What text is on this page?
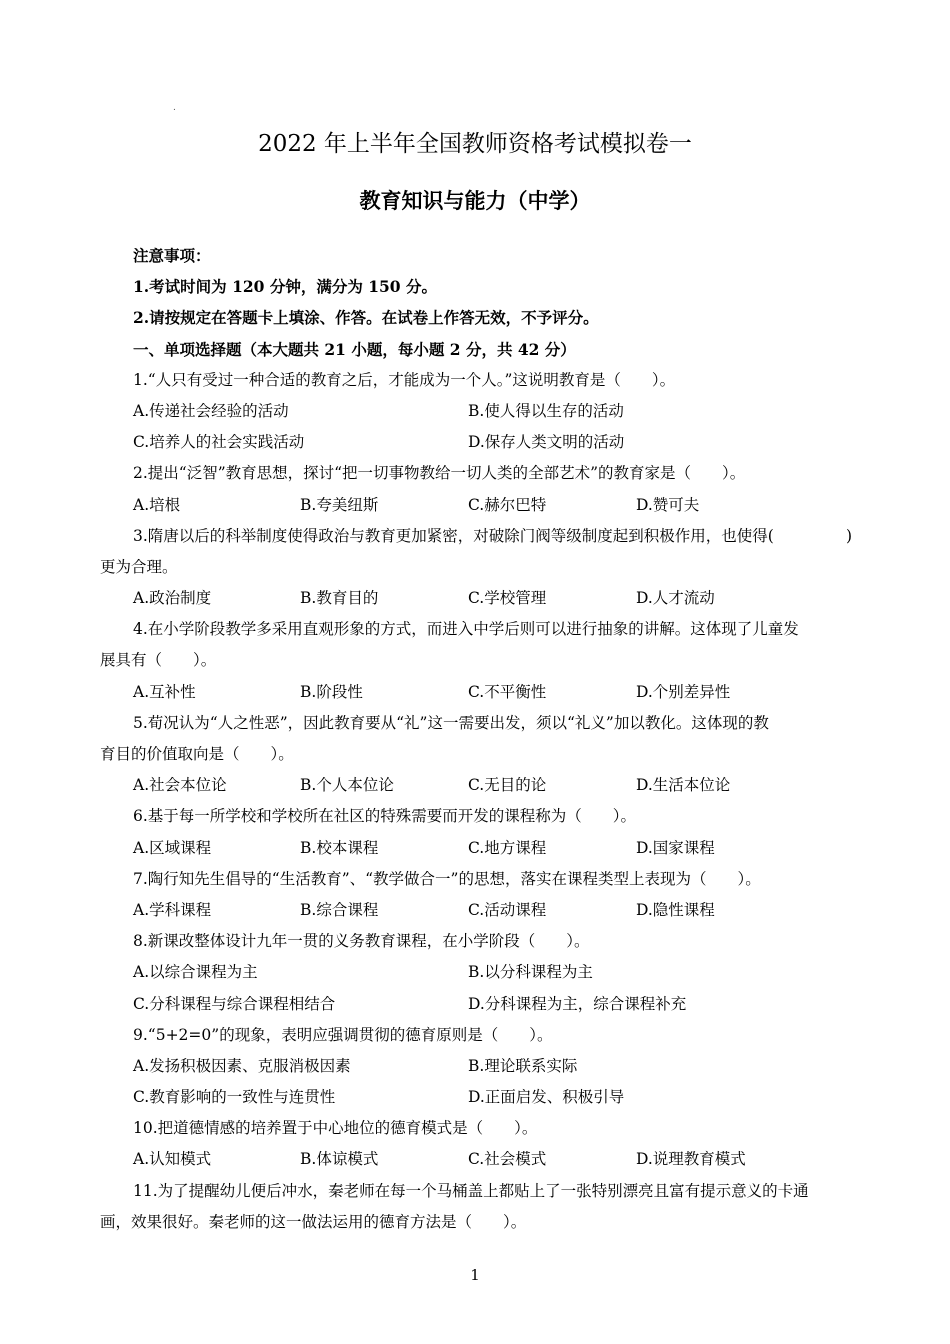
.
2022 年上半年全国教师资格考试模拟卷一
教育知识与能力（中学）
注意事项：
1.考试时间为 120 分钟，满分为 150 分。
2.请按规定在答题卡上填涂、作答。在试卷上作答无效，不予评分。
一、单项选择题（本大题共 21 小题，每小题 2 分，共 42 分）
1.“人只有受过一种合适的教育之后，才能成为一个人。”这说明教育是（　　）。
A.传递社会经验的活动	B.使人得以生存的活动
C.培养人的社会实践活动	D.保存人类文明的活动
2.提出“泛智”教育思想，探讨“把一切事物教给一切人类的全部艺术”的教育家是（　　）。
A.培根	B.夸美纽斯	C.赫尔巴特	D.赞可夫
3.隋唐以后的科举制度使得政治与教育更加紧密，对破除门阀等级制度起到积极作用，也使得(	)
更为合理。
A.政治制度	B.教育目的	C.学校管理	D.人才流动
4.在小学阶段教学多采用直观形象的方式，而进入中学后则可以进行抽象的讲解。这体现了儿童发
展具有（　　）。
A.互补性	B.阶段性	C.不平衡性	D.个别差异性
5.荀况认为“人之性恶”，因此教育要从“礼”这一需要出发，须以“礼义”加以教化。这体现的教
育目的价值取向是（　　）。
A.社会本位论	B.个人本位论	C.无目的论	D.生活本位论
6.基于每一所学校和学校所在社区的特殊需要而开发的课程称为（　　）。
A.区域课程	B.校本课程	C.地方课程	D.国家课程
7.陶行知先生倡导的“生活教育”、“教学做合一”的思想，落实在课程类型上表现为（　　）。
A.学科课程	B.综合课程	C.活动课程	D.隐性课程
8.新课改整体设计九年一贯的义务教育课程，在小学阶段（　　）。
A.以综合课程为主	B.以分科课程为主
C.分科课程与综合课程相结合	D.分科课程为主，综合课程补充
9.“5+2=0”的现象，表明应强调贯彻的德育原则是（　　）。
A.发扬积极因素、克服消极因素	B.理论联系实际
C.教育影响的一致性与连贯性	D.正面启发、积极引导
10.把道德情感的培养置于中心地位的德育模式是（　　）。
A.认知模式	B.体谅模式	C.社会模式	D.说理教育模式
11.为了提醒幼儿便后冲水，秦老师在每一个马桶盖上都贴上了一张特别漂亮且富有提示意义的卡通
画，效果很好。秦老师的这一做法运用的德育方法是（　　）。
1
